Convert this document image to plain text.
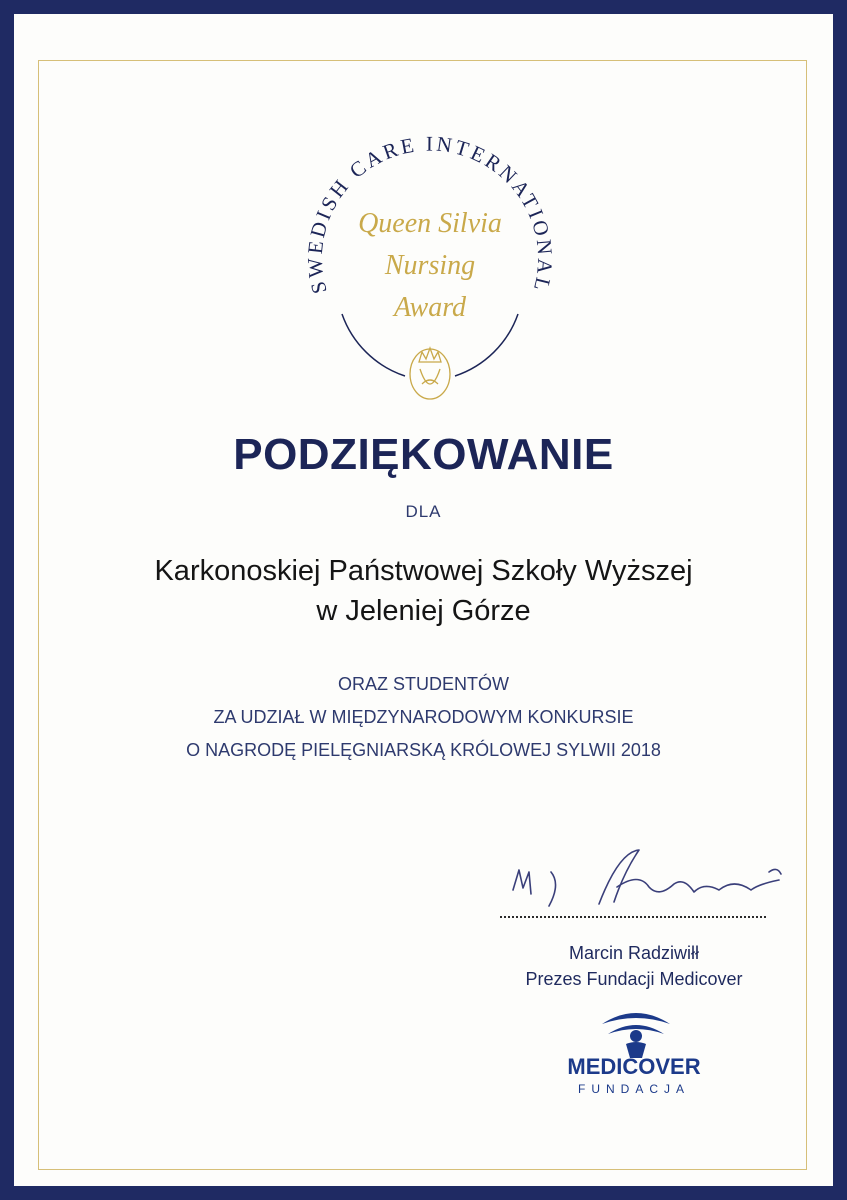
SWEDISH CARE INTERNATIONAL
Queen Silvia
Nursing
Award
PODZIĘKOWANIE
DLA
Karkonoskiej Państwowej Szkoły Wyższej
w Jeleniej Górze
ORAZ STUDENTÓW
ZA UDZIAŁ W MIĘDZYNARODOWYM KONKURSIE
O NAGRODĘ PIELĘGNIARSKĄ KRÓLOWEJ SYLWII 2018
Marcin Radziwiłł
Prezes Fundacji Medicover
MEDICOVER
FUNDACJA
